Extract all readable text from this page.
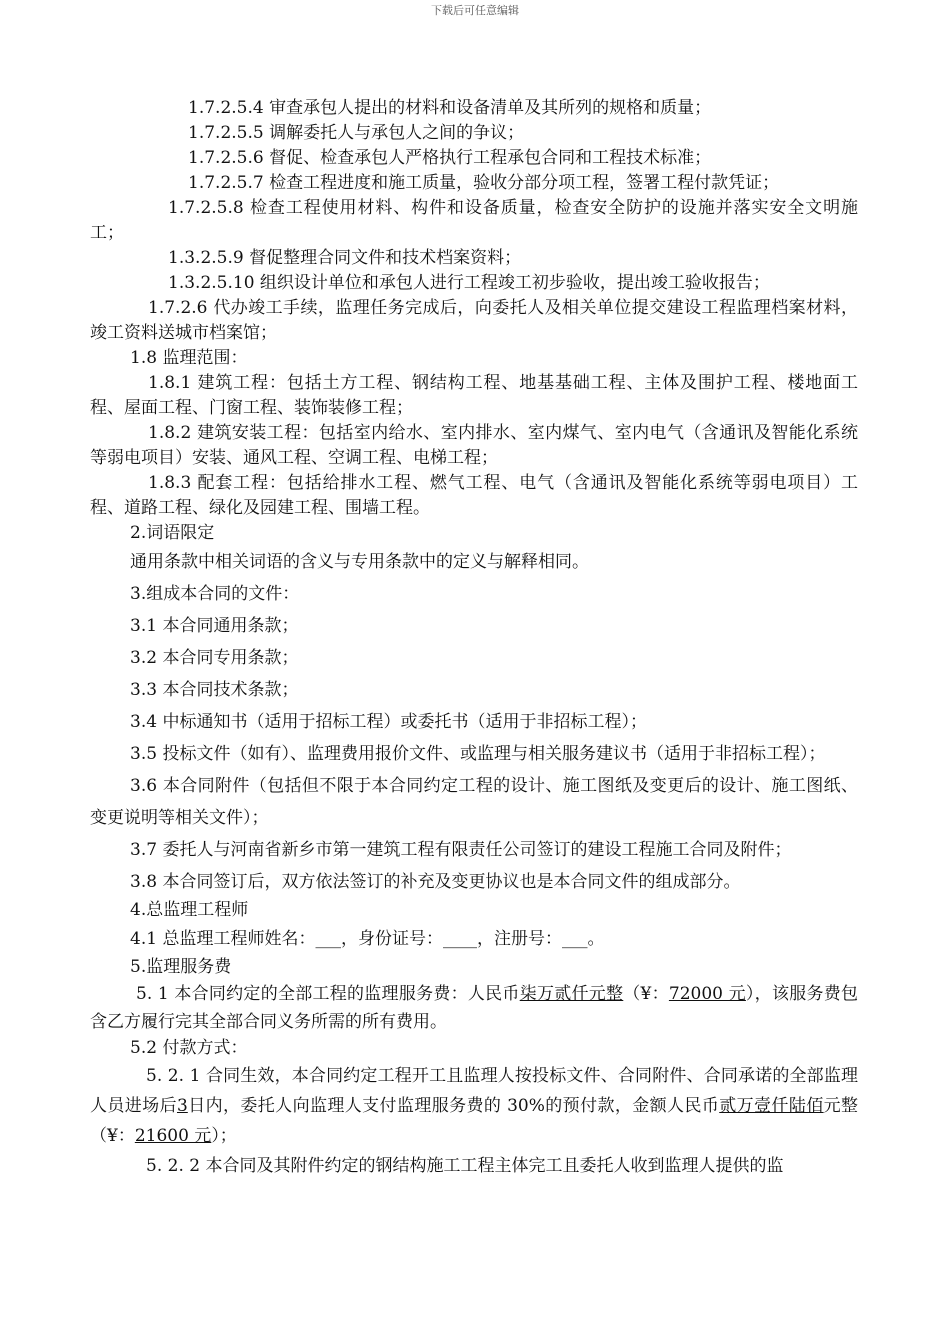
下载后可任意编辑

1.7.2.5.4 审查承包人提出的材料和设备清单及其所列的规格和质量；

1.7.2.5.5 调解委托人与承包人之间的争议；

1.7.2.5.6 督促、检查承包人严格执行工程承包合同和工程技术标准；

1.7.2.5.7 检查工程进度和施工质量，验收分部分项工程，签署工程付款凭证；

1.7.2.5.8 检查工程使用材料、构件和设备质量，检查安全防护的设施并落实安全文明施工；

1.3.2.5.9 督促整理合同文件和技术档案资料；

1.3.2.5.10 组织设计单位和承包人进行工程竣工初步验收，提出竣工验收报告；

1.7.2.6 代办竣工手续，监理任务完成后，向委托人及相关单位提交建设工程监理档案材料，竣工资料送城市档案馆；

1.8 监理范围：

1.8.1 建筑工程：包括土方工程、钢结构工程、地基基础工程、主体及围护工程、楼地面工程、屋面工程、门窗工程、装饰装修工程；

1.8.2 建筑安装工程：包括室内给水、室内排水、室内煤气、室内电气（含通讯及智能化系统等弱电项目）安装、通风工程、空调工程、电梯工程；

1.8.3 配套工程：包括给排水工程、燃气工程、电气（含通讯及智能化系统等弱电项目）工程、道路工程、绿化及园建工程、围墙工程。

2.词语限定

通用条款中相关词语的含义与专用条款中的定义与解释相同。

3.组成本合同的文件：

3.1 本合同通用条款；

3.2 本合同专用条款；

3.3 本合同技术条款；

3.4 中标通知书（适用于招标工程）或委托书（适用于非招标工程）；

3.5 投标文件（如有）、监理费用报价文件、或监理与相关服务建议书（适用于非招标工程）；

3.6 本合同附件（包括但不限于本合同约定工程的设计、施工图纸及变更后的设计、施工图纸、变更说明等相关文件）；

3.7 委托人与河南省新乡市第一建筑工程有限责任公司签订的建设工程施工合同及附件；

3.8 本合同签订后，双方依法签订的补充及变更协议也是本合同文件的组成部分。

4.总监理工程师

4.1 总监理工程师姓名：___，身份证号：____，注册号：___。

5.监理服务费

5. 1 本合同约定的全部工程的监理服务费：人民币柒万贰仟元整（¥：72000 元），该服务费包含乙方履行完其全部合同义务所需的所有费用。

5.2 付款方式：

5. 2. 1 合同生效，本合同约定工程开工且监理人按投标文件、合同附件、合同承诺的全部监理人员进场后3日内，委托人向监理人支付监理服务费的 30%的预付款，金额人民币贰万壹仟陆佰元整（¥：21600 元）；

5. 2. 2 本合同及其附件约定的钢结构施工工程主体完工且委托人收到监理人提供的监
